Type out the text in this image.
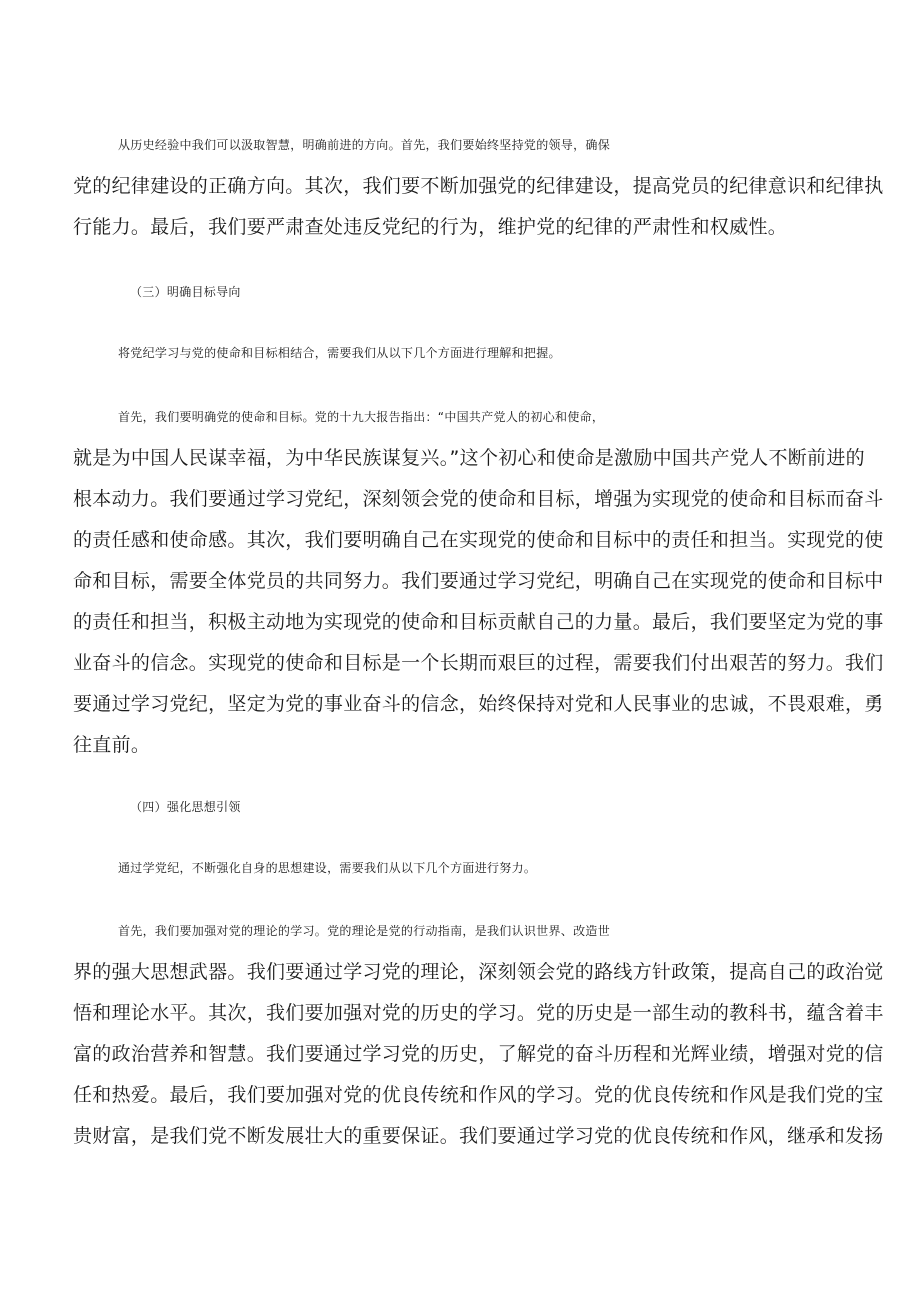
从历史经验中我们可以汲取智慧，明确前进的方向。首先，我们要始终坚持党的领导，确保

党的纪律建设的正确方向。其次，我们要不断加强党的纪律建设，提高党员的纪律意识和纪律执

行能力。最后，我们要严肃查处违反党纪的行为，维护党的纪律的严肃性和权威性。

（三）明确目标导向

将党纪学习与党的使命和目标相结合，需要我们从以下几个方面进行理解和把握。

首先，我们要明确党的使命和目标。党的十九大报告指出：“中国共产党人的初心和使命，

就是为中国人民谋幸福，为中华民族谋复兴。”这个初心和使命是激励中国共产党人不断前进的

根本动力。我们要通过学习党纪，深刻领会党的使命和目标，增强为实现党的使命和目标而奋斗

的责任感和使命感。其次，我们要明确自己在实现党的使命和目标中的责任和担当。实现党的使

命和目标，需要全体党员的共同努力。我们要通过学习党纪，明确自己在实现党的使命和目标中

的责任和担当，积极主动地为实现党的使命和目标贡献自己的力量。最后，我们要坚定为党的事

业奋斗的信念。实现党的使命和目标是一个长期而艰巨的过程，需要我们付出艰苦的努力。我们

要通过学习党纪，坚定为党的事业奋斗的信念，始终保持对党和人民事业的忠诚，不畏艰难，勇

往直前。

（四）强化思想引领

通过学党纪，不断强化自身的思想建设，需要我们从以下几个方面进行努力。

首先，我们要加强对党的理论的学习。党的理论是党的行动指南，是我们认识世界、改造世

界的强大思想武器。我们要通过学习党的理论，深刻领会党的路线方针政策，提高自己的政治觉

悟和理论水平。其次，我们要加强对党的历史的学习。党的历史是一部生动的教科书，蕴含着丰

富的政治营养和智慧。我们要通过学习党的历史，了解党的奋斗历程和光辉业绩，增强对党的信

任和热爱。最后，我们要加强对党的优良传统和作风的学习。党的优良传统和作风是我们党的宝

贵财富，是我们党不断发展壮大的重要保证。我们要通过学习党的优良传统和作风，继承和发扬
